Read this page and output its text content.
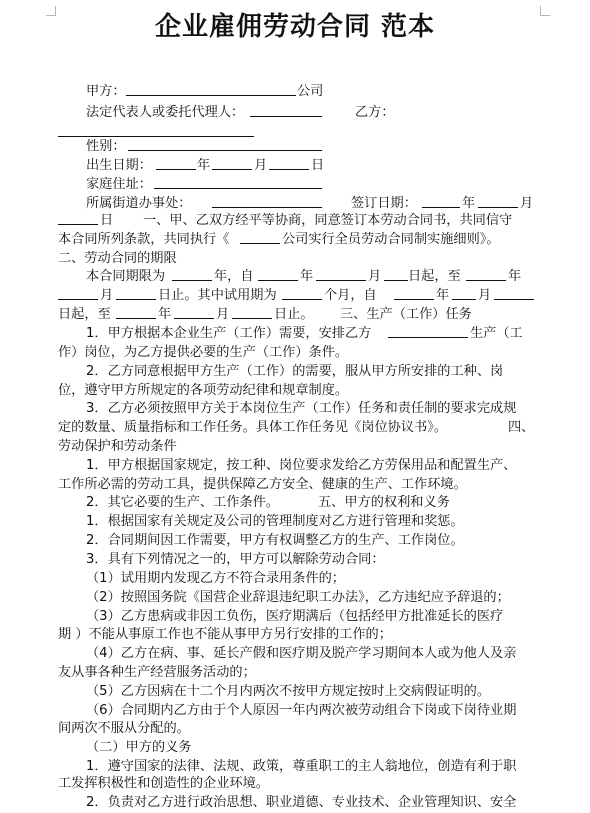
企业雇佣劳动合同 范本
甲方：	公司
法定代表人或委托代理人：	乙方：
性别：
出生日期：	年	月	日
家庭住址：
所属街道办事处：	签订日期：	年	月
日 一、甲、乙双方经平等协商，同意签订本劳动合同书，共同信守
本合同所列条款，共同执行《	公司实行全员劳动合同制实施细则》。
二、劳动合同的期限
本合同期限为	年，自	年	月 日起，至	年
月	日止。其中试用期为	个月，自	年 月
日起，至	年	月	日止。 三、生产（工作）任务
1．甲方根据本企业生产（工作）需要，安排乙方	生产（工
作）岗位，为乙方提供必要的生产（工作）条件。
2．乙方同意根据甲方生产（工作）的需要，服从甲方所安排的工种、岗
位，遵守甲方所规定的各项劳动纪律和规章制度。
3．乙方必须按照甲方关于本岗位生产（工作）任务和责任制的要求完成规
定的数量、质量指标和工作任务。具体工作任务见《岗位协议书》。	四、
劳动保护和劳动条件
1．甲方根据国家规定，按工种、岗位要求发给乙方劳保用品和配置生产、
工作所必需的劳动工具，提供保障乙方安全、健康的生产、工作环境。
2．其它必要的生产、工作条件。	五、甲方的权利和义务
1．根据国家有关规定及公司的管理制度对乙方进行管理和奖惩。
2．合同期间因工作需要，甲方有权调整乙方的生产、工作岗位。
3．具有下列情况之一的，甲方可以解除劳动合同：
（1）试用期内发现乙方不符合录用条件的；
（2）按照国务院《国营企业辞退违纪职工办法》，乙方违纪应予辞退的；
（3）乙方患病或非因工负伤，医疗期满后（包括经甲方批准延长的医疗
期 ）不能从事原工作也不能从事甲方另行安排的工作的；
（4）乙方在病、事、延长产假和医疗期及脱产学习期间本人或为他人及亲
友从事各种生产经营服务活动的；
（5）乙方因病在十二个月内两次不按甲方规定按时上交病假证明的。
（6）合同期内乙方由于个人原因一年内两次被劳动组合下岗或下岗待业期
间两次不服从分配的。
（二）甲方的义务
1．遵守国家的法律、法规、政策，尊重职工的主人翁地位，创造有利于职
工发挥积极性和创造性的企业环境。
2．负责对乙方进行政治思想、职业道德、专业技术、企业管理知识、安全
